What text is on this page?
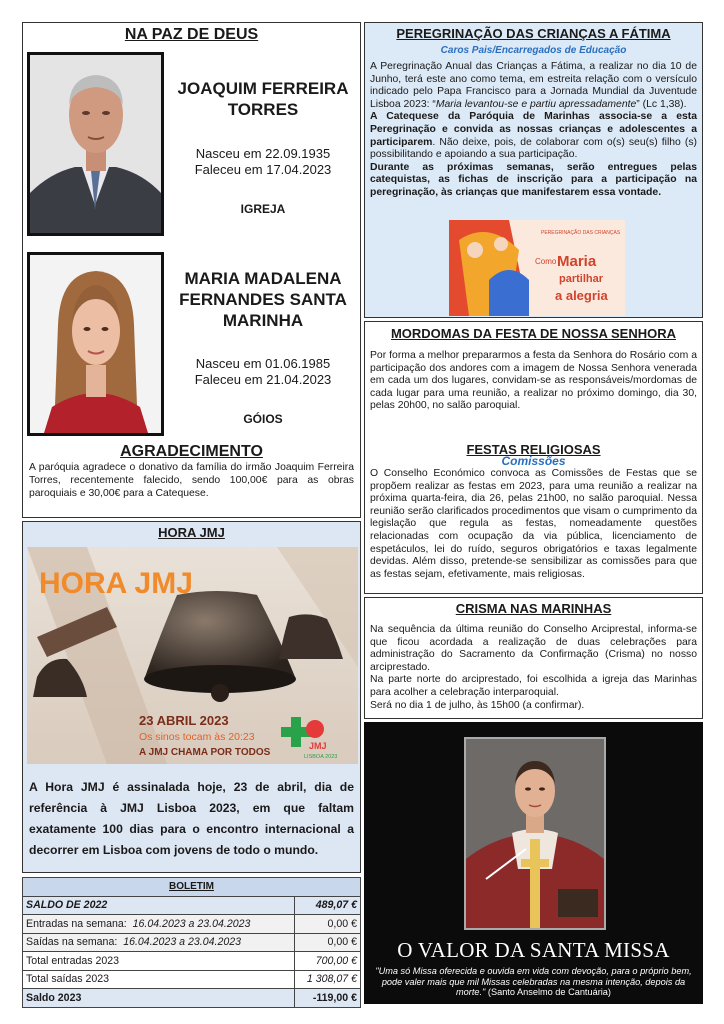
NA PAZ DE DEUS
JOAQUIM FERREIRA TORRES
Nasceu em 22.09.1935
Faleceu em 17.04.2023
IGREJA
MARIA MADALENA FERNANDES SANTA MARINHA
Nasceu em 01.06.1985
Faleceu em 21.04.2023
GÓIOS
AGRADECIMENTO
A paróquia agradece o donativo da família do irmão Joaquim Ferreira Torres, recentemente falecido, sendo 100,00€ para as obras paroquiais e 30,00€ para a Catequese.
HORA JMJ
HORA JMJ
23 ABRIL 2023
Os sinos tocam às 20:23
A JMJ CHAMA POR TODOS
JMJ
LISBOA 2023
A Hora JMJ é assinalada hoje, 23 de abril, dia de referência à JMJ Lisboa 2023, em que faltam exatamente 100 dias para o encontro internacional a decorrer em Lisboa com jovens de todo o mundo.
BOLETIM	
SALDO DE 2022	489,07 €
Entradas na semana: 16.04.2023 a 23.04.2023	0,00 €
Saídas na semana: 16.04.2023 a 23.04.2023	0,00 €
Total entradas 2023	700,00 €
Total saídas 2023	1 308,07 €
Saldo 2023	-119,00 €
PEREGRINAÇÃO DAS CRIANÇAS A FÁTIMA
Caros Pais/Encarregados de Educação
A Peregrinação Anual das Crianças a Fátima, a realizar no dia 10 de Junho, terá este ano como tema, em estreita relação com o versículo indicado pelo Papa Francisco para a Jornada Mundial da Juventude Lisboa 2023: “Maria levantou-se e partiu apressadamente” (Lc 1,38).
A Catequese da Paróquia de Marinhas associa-se a esta Peregrinação e convida as nossas crianças e adolescentes a participarem. Não deixe, pois, de colaborar com o(s) seu(s) filho (s) possibilitando e apoiando a sua participação.
Durante as próximas semanas, serão entregues pelas catequistas, as fichas de inscrição para a participação na peregrinação, às crianças que manifestarem essa vontade.
PEREGRINAÇÃO DAS CRIANÇAS
Como Maria
partilhar
a alegria
MORDOMAS DA FESTA DE NOSSA SENHORA
Por forma a melhor prepararmos a festa da Senhora do Rosário com a participação dos andores com a imagem de Nossa Senhora venerada em cada um dos lugares, convidam-se as responsáveis/mordomas de cada lugar para uma reunião, a realizar no próximo domingo, dia 30, pelas 20h00, no salão paroquial.
FESTAS RELIGIOSAS
Comissões
O Conselho Económico convoca as Comissões de Festas que se propõem realizar as festas em 2023, para uma reunião a realizar na próxima quarta-feira, dia 26, pelas 21h00, no salão paroquial. Nessa reunião serão clarificados procedimentos que visam o cumprimento da legislação que regula as festas, nomeadamente questões relacionadas com ocupação da via pública, licenciamento de espetáculos, lei do ruído, seguros obrigatórios e taxas legalmente devidas. Além disso, pretende-se sensibilizar as comissões para que as festas sejam, efetivamente, mais religiosas.
CRISMA NAS MARINHAS
Na sequência da última reunião do Conselho Arciprestal, informa-se que ficou acordada a realização de duas celebrações para administração do Sacramento da Confirmação (Crisma) no nosso arciprestado.
Na parte norte do arciprestado, foi escolhida a igreja das Marinhas para acolher a celebração interparoquial.
Será no dia 1 de julho, às 15h00 (a confirmar).
O VALOR DA SANTA MISSA
"Uma só Missa oferecida e ouvida em vida com devoção, para o próprio bem, pode valer mais que mil Missas celebradas na mesma intenção, depois da morte." (Santo Anselmo de Cantuária)
